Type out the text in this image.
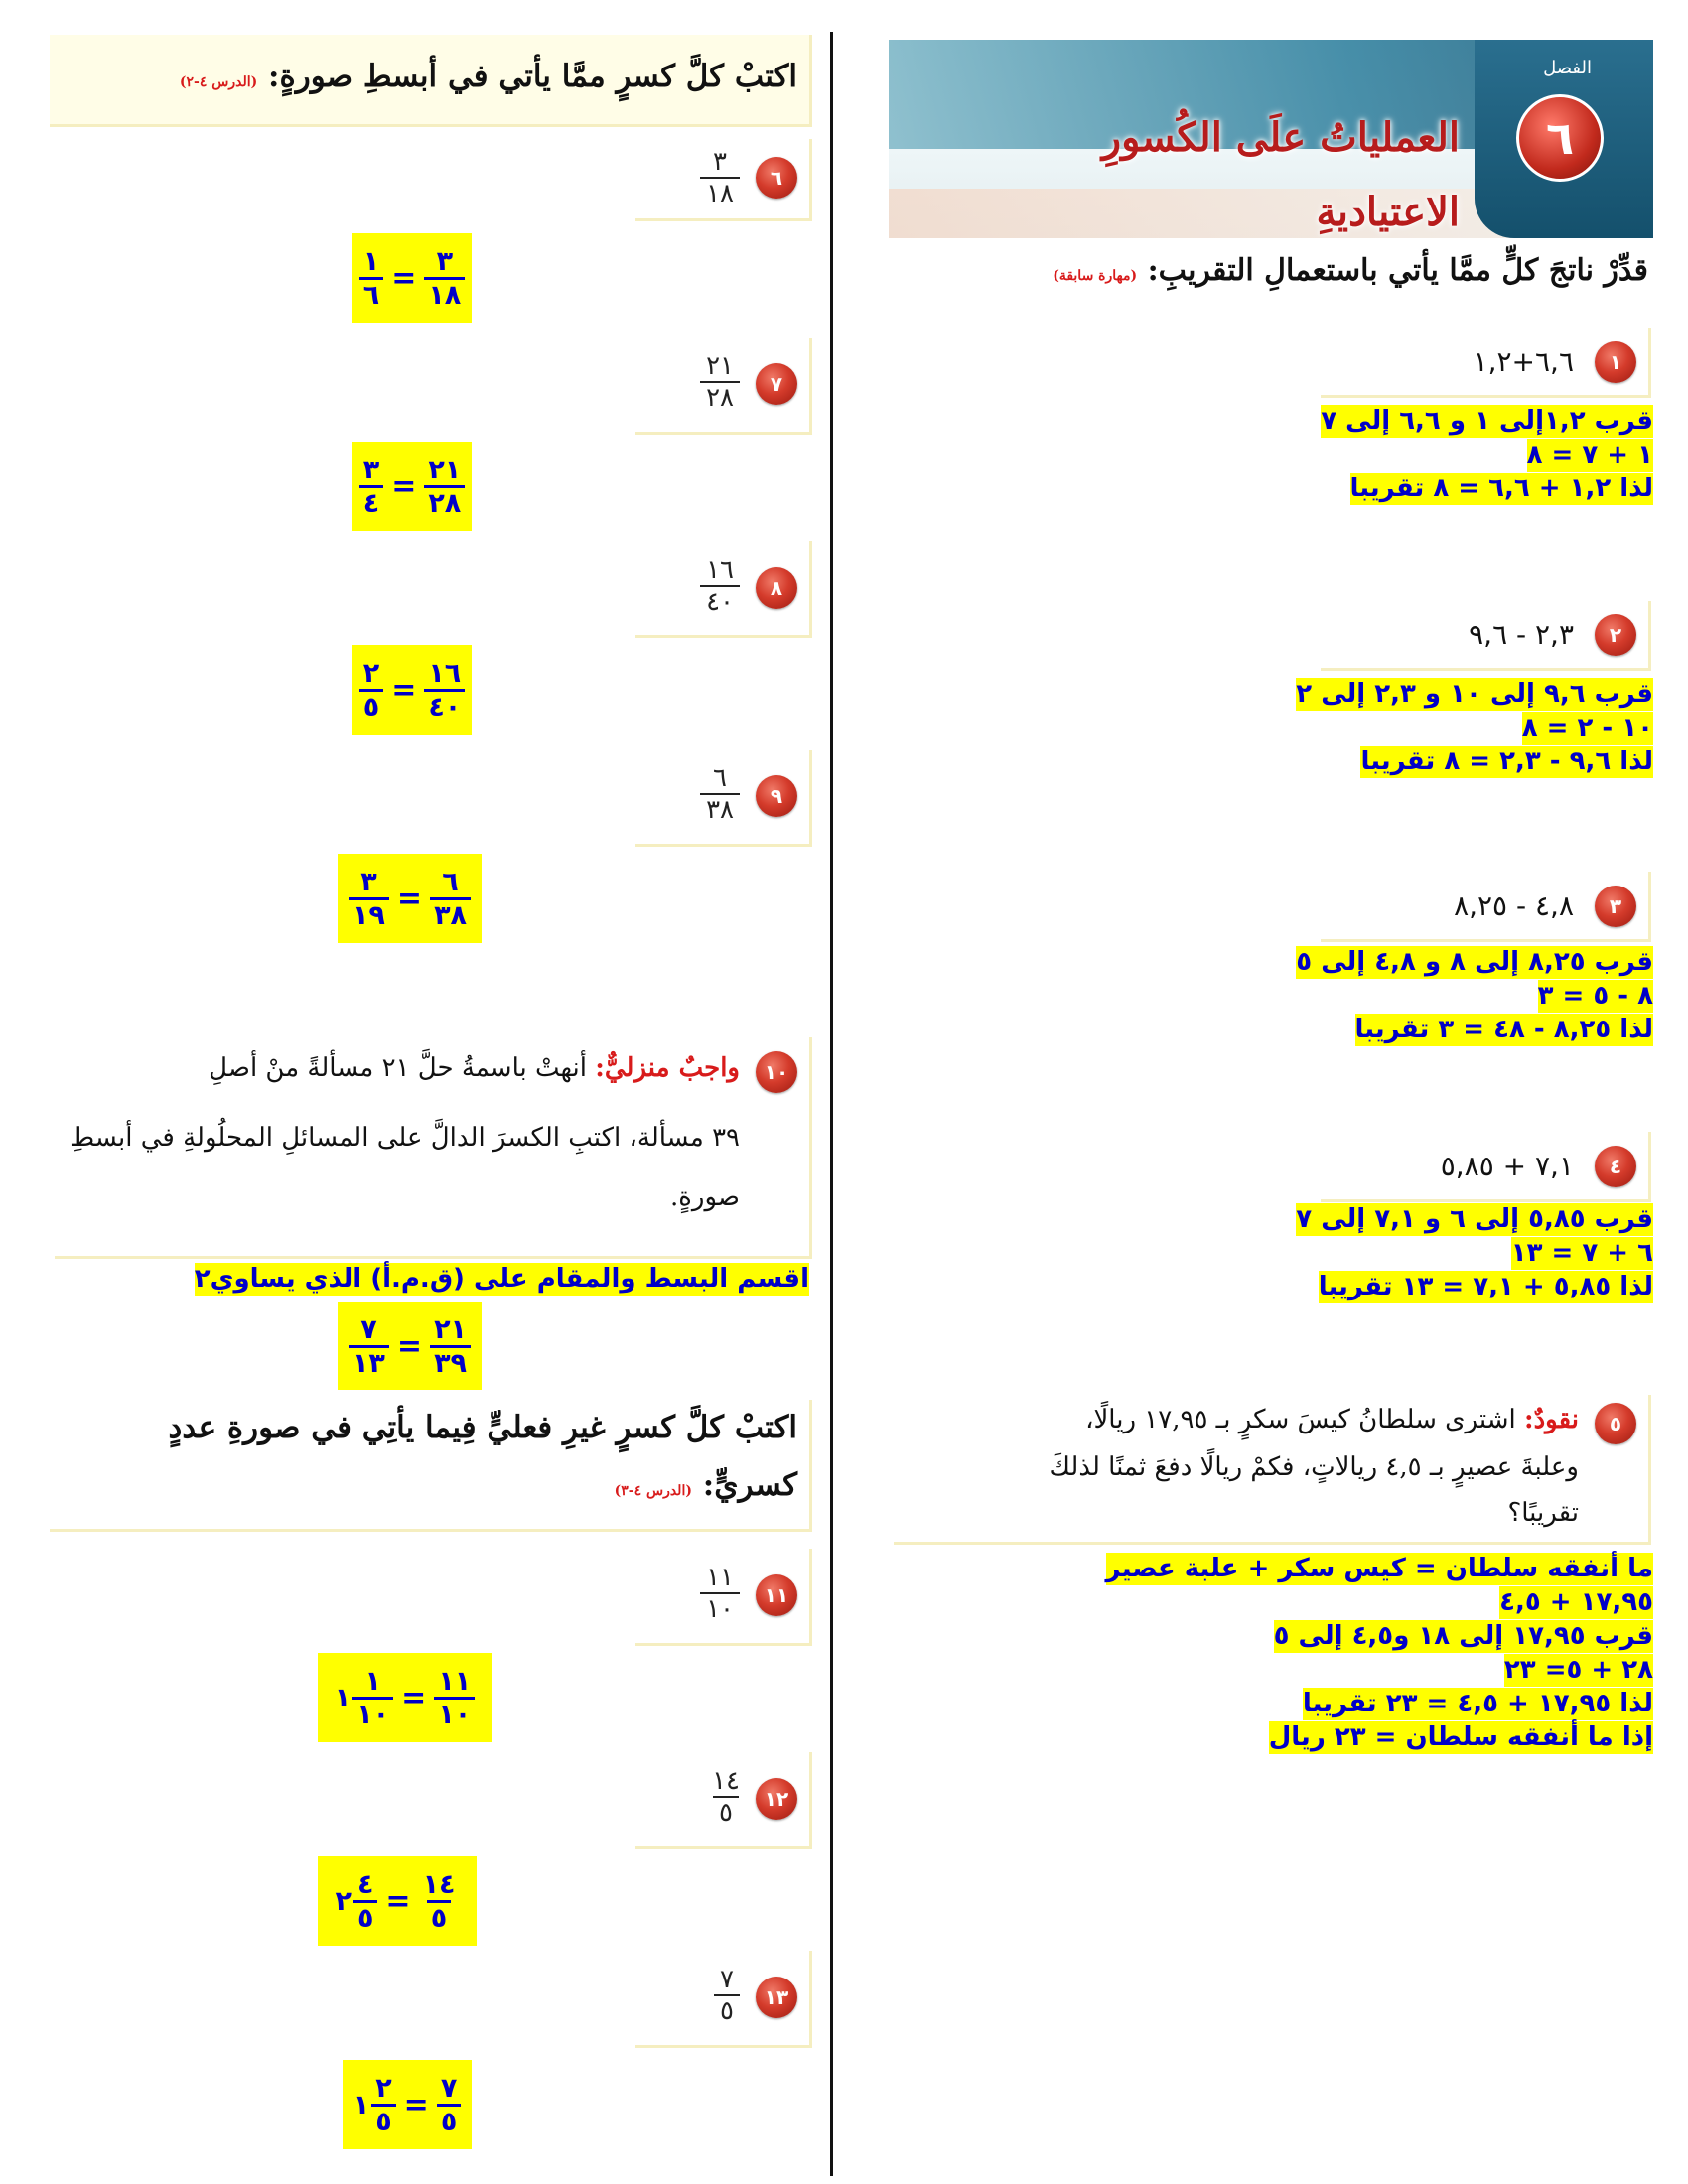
الفصل
٦
العملياتُ علَى الكُسورِ
الاعتياديةِ
قدِّرْ ناتجَ كلٍّ ممَّا يأتي باستعمالِ التقريبِ: (مهارة سابقة)
١
٦,٦+١,٢
قرب ١,٢إلى ١ و ٦,٦ إلى ٧
١ + ٧ = ٨
لذا ١,٢ + ٦,٦ = ٨ تقريبا
٢
٢,٣ - ٩,٦
قرب ٩,٦ إلى ١٠ و ٢,٣ إلى ٢
١٠ - ٢ = ٨
لذا ٩,٦ - ٢,٣ = ٨ تقريبا
٣
٤,٨ - ٨,٢٥
قرب ٨,٢٥ إلى ٨ و ٤,٨ إلى ٥
٨ - ٥ = ٣
لذا ٨,٢٥ - ٤٨ = ٣ تقريبا
٤
٧,١ + ٥,٨٥
قرب ٥,٨٥ إلى ٦ و ٧,١ إلى ٧
٦ + ٧ = ١٣
لذا ٥,٨٥ + ٧,١ = ١٣ تقريبا
٥
نقودٌ: اشترى سلطانُ كيسَ سكرٍ بـ ١٧,٩٥ ريالًا،
وعلبةَ عصيرٍ بـ ٤,٥ ريالاتٍ، فكمْ ريالًا دفعَ ثمنًا لذلكَ
تقريبًا؟
ما أنفقه سلطان = كيس سكر + علبة عصير
١٧,٩٥ + ٤,٥
قرب ١٧,٩٥ إلى ١٨ و٤,٥ إلى ٥
٢٨ + ٥= ٢٣
لذا ١٧,٩٥ + ٤,٥ = ٢٣ تقريبا
إذا ما أنفقه سلطان = ٢٣ ريال
اكتبْ كلَّ كسرٍ ممَّا يأتي في أبسطِ صورةٍ: (الدرس ٤-٢)
٦
٣
١٨
$\frac{١}{٦} = \frac{٣}{١٨}$
٧
٢١
٢٨
$\frac{٣}{٤} = \frac{٢١}{٢٨}$
٨
١٦
٤٠
$\frac{٢}{٥} = \frac{١٦}{٤٠}$
٩
٦
٣٨
$\frac{٣}{١٩} = \frac{٦}{٣٨}$
١٠
واجبٌ منزليٌّ: أنهتْ باسمةُ حلَّ ٢١ مسألةً منْ أصلِ
٣٩ مسألة، اكتبِ الكسرَ الدالَّ على المسائلِ المحلُولةِ في أبسطِ
صورةٍ.
اقسم البسط والمقام على (ق.م.أ) الذي يساوي٢
$\frac{٧}{١٣} = \frac{٢١}{٣٩}$
اكتبْ كلَّ كسرٍ غيرِ فعليٍّ فِيما يأتِي في صورةِ عددٍ
كسريٍّ: (الدرس ٤-٣)
١١
١١
١٠
١ $\frac{١}{١٠} = \frac{١١}{١٠}$
١٢
١٤
٥
٢ $\frac{٤}{٥} = \frac{١٤}{٥}$
١٣
٧
٥
١ $\frac{٢}{٥} = \frac{٧}{٥}$
